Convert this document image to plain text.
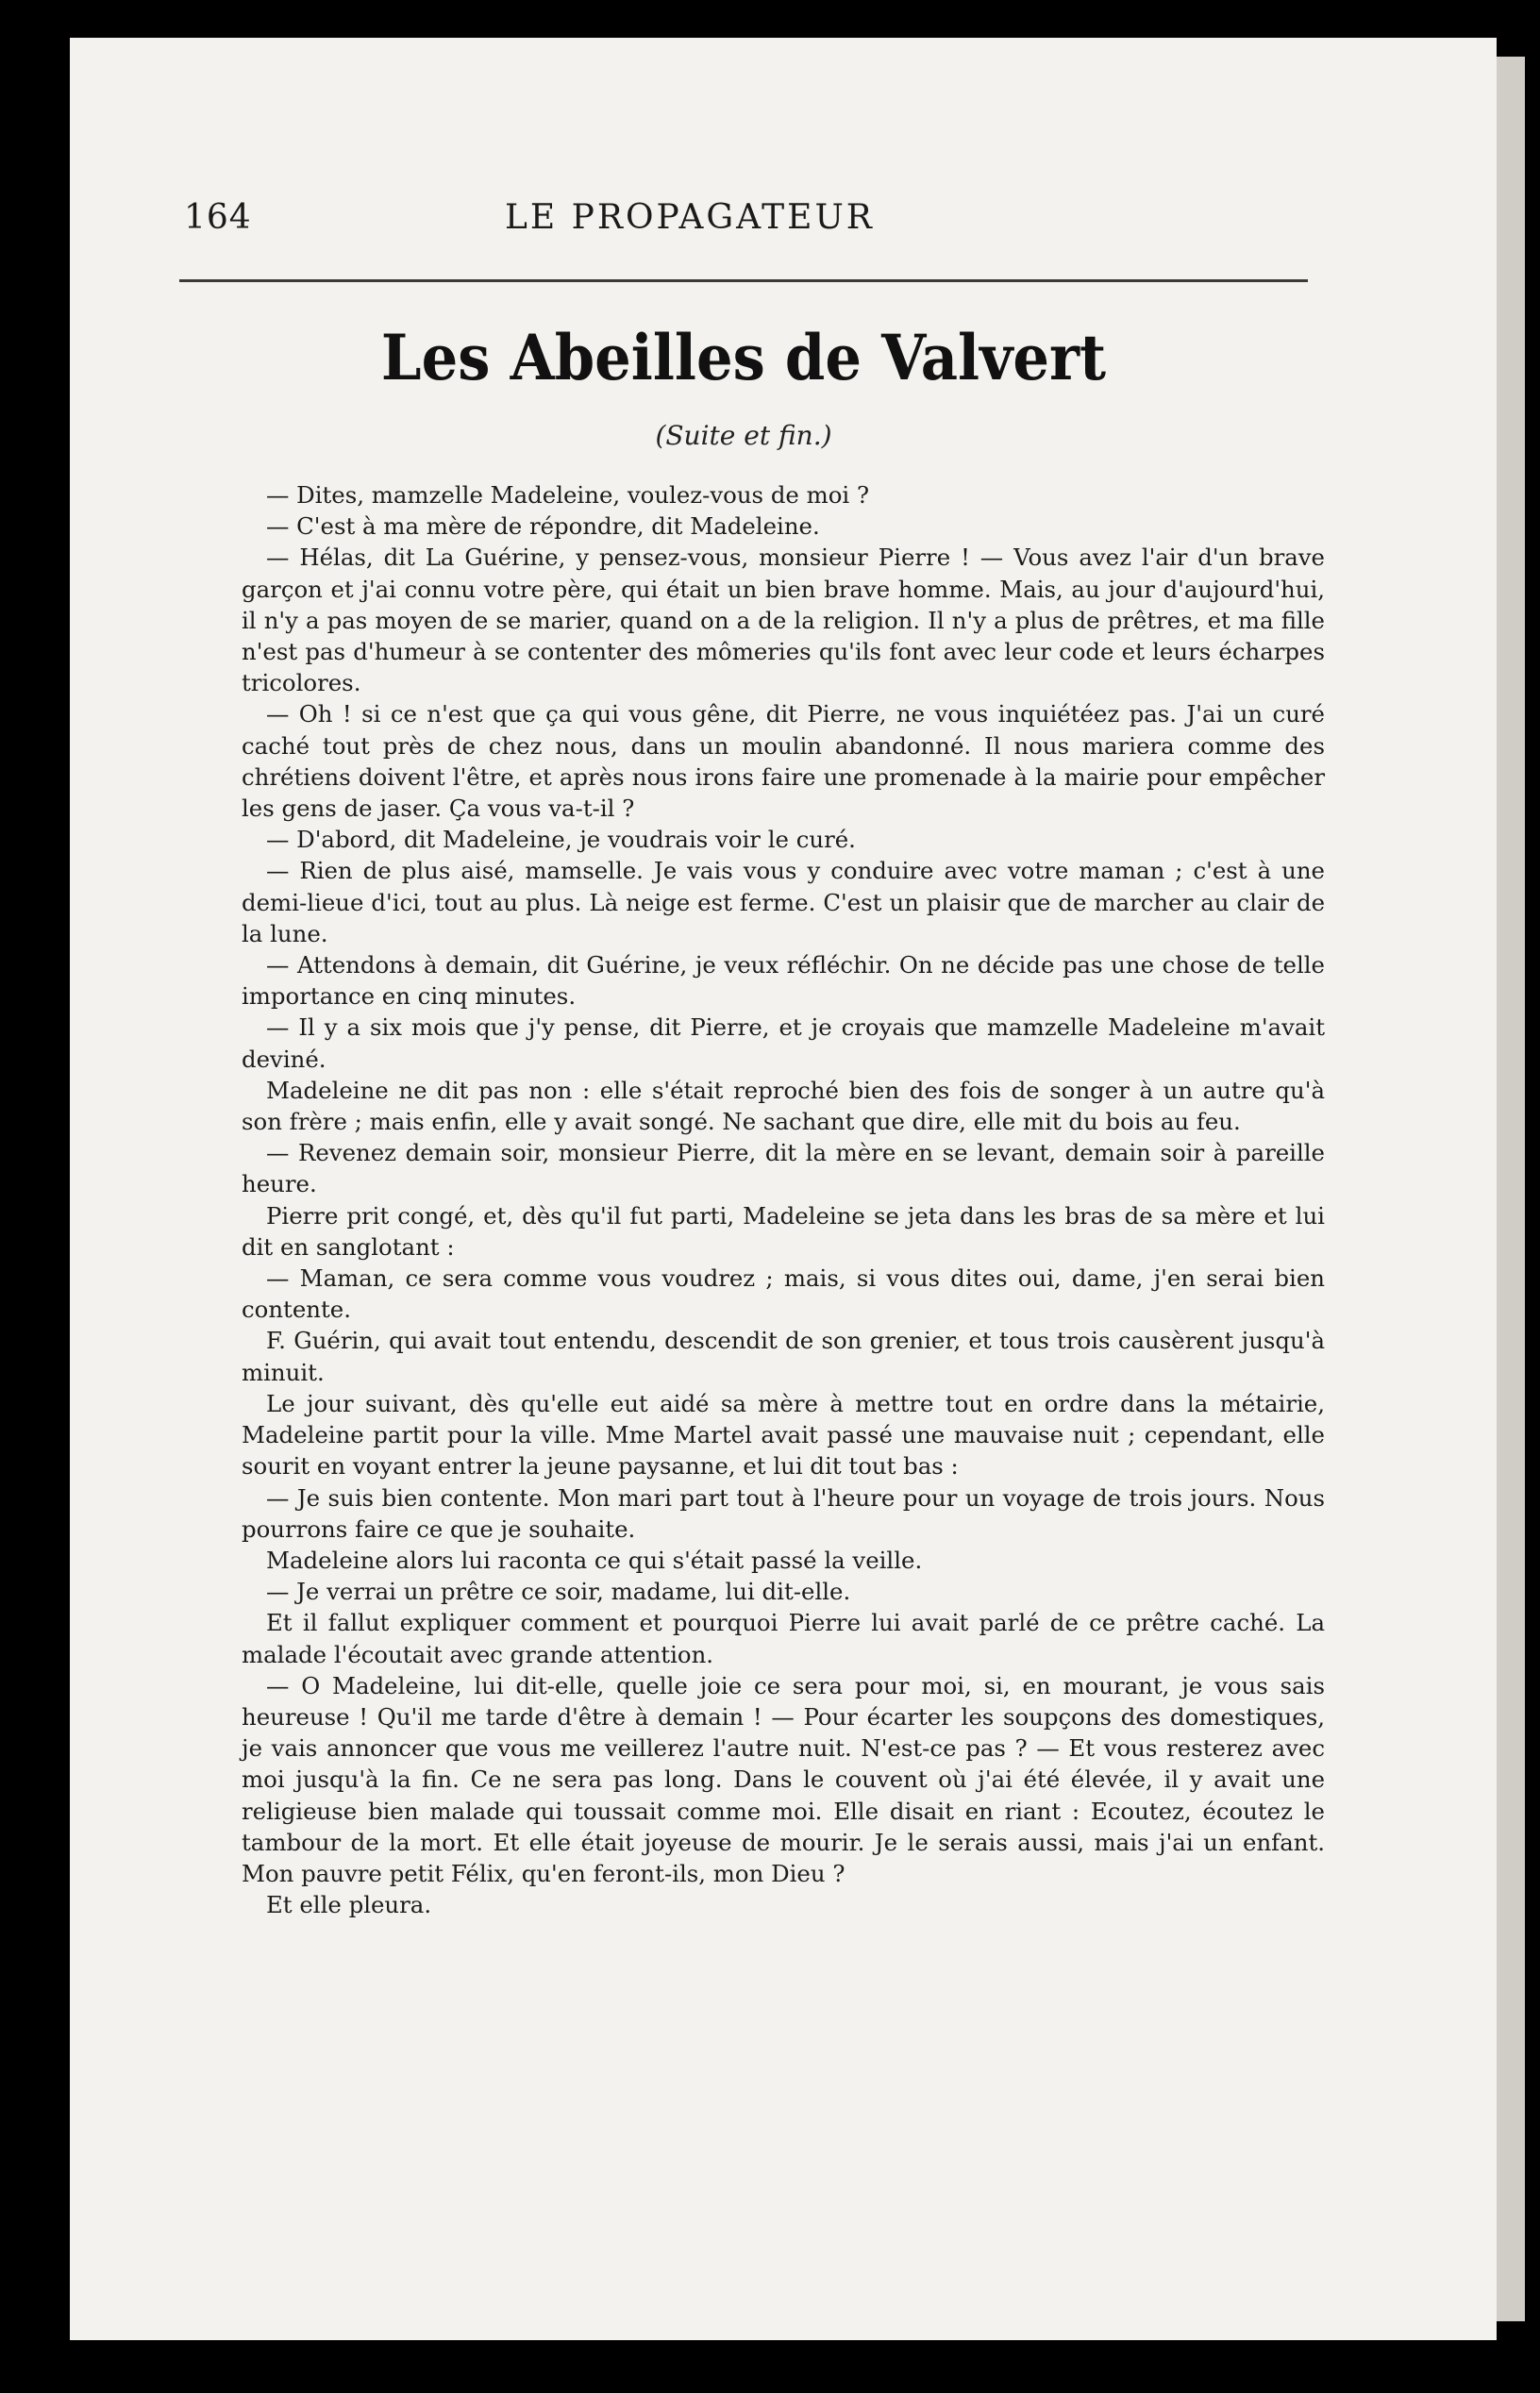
164	LE PROPAGATEUR
Les Abeilles de Valvert
(Suite et fin.)

— Dites, mamzelle Madeleine, voulez-vous de moi ?

— C'est à ma mère de répondre, dit Madeleine.

— Hélas, dit La Guérine, y pensez-vous, monsieur Pierre ! — Vous avez l'air d'un brave garçon et j'ai connu votre père, qui était un bien brave homme. Mais, au jour d'aujourd'hui, il n'y a pas moyen de se marier, quand on a de la religion. Il n'y a plus de prêtres, et ma fille n'est pas d'humeur à se contenter des mômeries qu'ils font avec leur code et leurs écharpes tricolores.

— Oh ! si ce n'est que ça qui vous gêne, dit Pierre, ne vous inquiétéez pas. J'ai un curé caché tout près de chez nous, dans un moulin abandonné. Il nous mariera comme des chrétiens doivent l'être, et après nous irons faire une promenade à la mairie pour empêcher les gens de jaser. Ça vous va-t-il ?

— D'abord, dit Madeleine, je voudrais voir le curé.

— Rien de plus aisé, mamselle. Je vais vous y conduire avec votre maman ; c'est à une demi-lieue d'ici, tout au plus. Là neige est ferme. C'est un plaisir que de marcher au clair de la lune.

— Attendons à demain, dit Guérine, je veux réfléchir. On ne décide pas une chose de telle importance en cinq minutes.

— Il y a six mois que j'y pense, dit Pierre, et je croyais que mamzelle Madeleine m'avait deviné.

Madeleine ne dit pas non : elle s'était reproché bien des fois de songer à un autre qu'à son frère ; mais enfin, elle y avait songé. Ne sachant que dire, elle mit du bois au feu.

— Revenez demain soir, monsieur Pierre, dit la mère en se levant, demain soir à pareille heure.

Pierre prit congé, et, dès qu'il fut parti, Madeleine se jeta dans les bras de sa mère et lui dit en sanglotant :

— Maman, ce sera comme vous voudrez ; mais, si vous dites oui, dame, j'en serai bien contente.

F. Guérin, qui avait tout entendu, descendit de son grenier, et tous trois causèrent jusqu'à minuit.

Le jour suivant, dès qu'elle eut aidé sa mère à mettre tout en ordre dans la métairie, Madeleine partit pour la ville. Mme Martel avait passé une mauvaise nuit ; cependant, elle sourit en voyant entrer la jeune paysanne, et lui dit tout bas :

— Je suis bien contente. Mon mari part tout à l'heure pour un voyage de trois jours. Nous pourrons faire ce que je souhaite.

Madeleine alors lui raconta ce qui s'était passé la veille.

— Je verrai un prêtre ce soir, madame, lui dit-elle.

Et il fallut expliquer comment et pourquoi Pierre lui avait parlé de ce prêtre caché. La malade l'écoutait avec grande attention.

— O Madeleine, lui dit-elle, quelle joie ce sera pour moi, si, en mourant, je vous sais heureuse ! Qu'il me tarde d'être à demain ! — Pour écarter les soupçons des domestiques, je vais annoncer que vous me veillerez l'autre nuit. N'est-ce pas ? — Et vous resterez avec moi jusqu'à la fin. Ce ne sera pas long. Dans le couvent où j'ai été élevée, il y avait une religieuse bien malade qui toussait comme moi. Elle disait en riant : Ecoutez, écoutez le tambour de la mort. Et elle était joyeuse de mourir. Je le serais aussi, mais j'ai un enfant. Mon pauvre petit Félix, qu'en feront-ils, mon Dieu ?

Et elle pleura.
